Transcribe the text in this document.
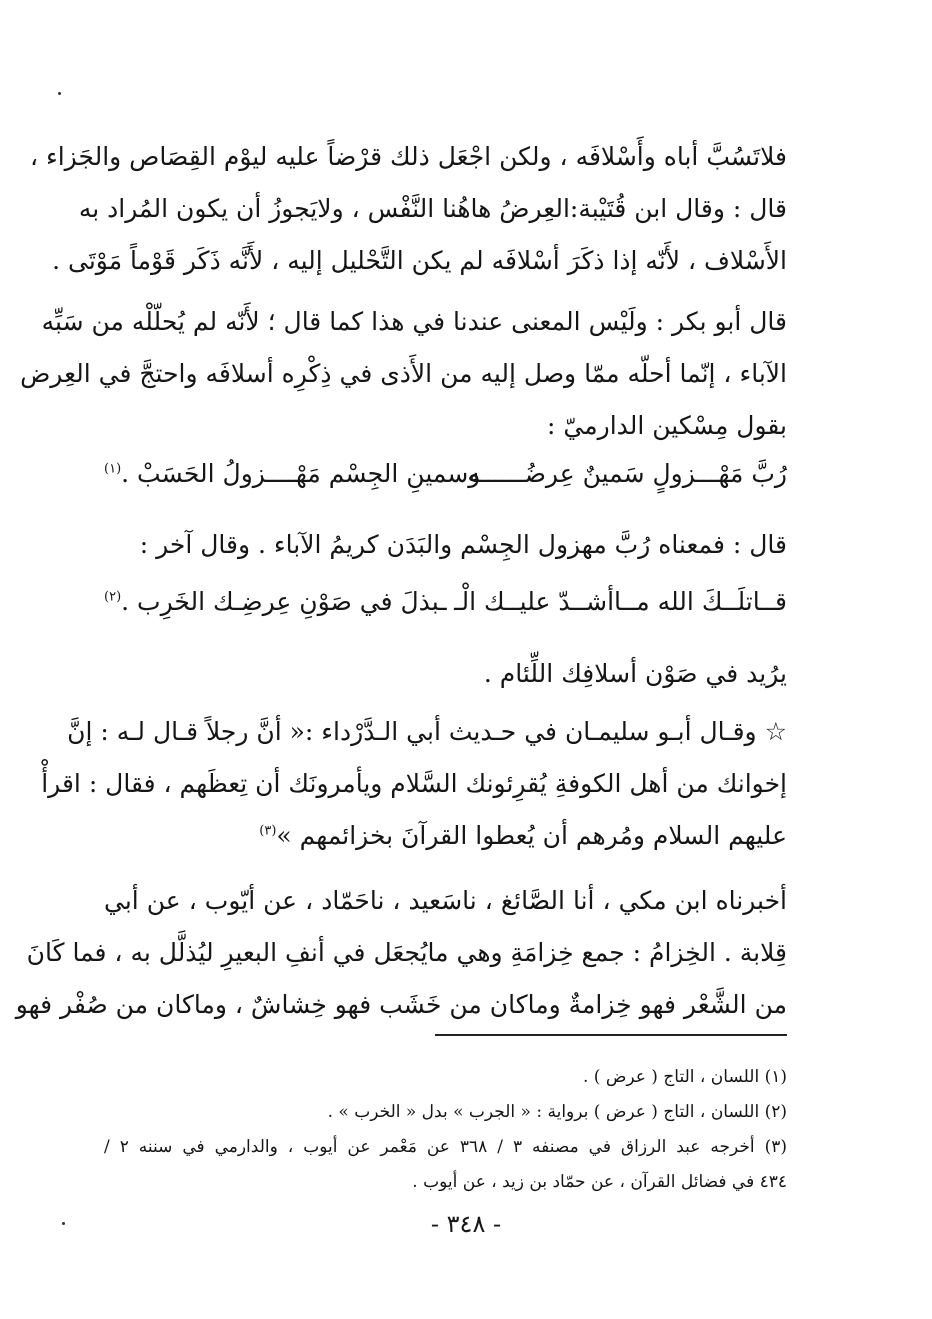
فلاتَسُبَّ أباه وأَسْلافَه ، ولكن اجْعَل ذلك قرْضاً عليه ليوْم القِصَاص والجَزاء ،
قال : وقال ابن قُتَيْبة:العِرضُ هاهُنا النَّفْس ، ولايَجوزُ أن يكون المُراد به
الأَسْلاف ، لأَنّه إذا ذكَرَ أسْلافَه لم يكن التَّحْليل إليه ، لأَنَّه ذَكَر قَوْماً مَوْتَى .
قال أبو بكر : ولَيْس المعنى عندنا في هذا كما قال ؛ لأَنّه لم يُحلّلْه من سَبِّه
الآباء ، إنّما أحلّه ممّا وصل إليه من الأَذى في ذِكْرِه أسلافَه واحتجَّ في العِرض
بقول مِسْكين الدارميّ :
رُبَّ مَهْـــزولٍ سَمينٌ عِرضُــــــه
وسمينِ الجِسْم مَهْــــزولُ الحَسَبْ .$^{(١)}$
قال : فمعناه رُبَّ مهزول الجِسْم والبَدَن كريمُ الآباء . وقال آخر :
قــاتلَــكَ الله مــاأشــدّ عليــك الْـ
ـبذلَ في صَوْنِ عِرضِـك الخَرِب .$^{(٢)}$
يرُيد في صَوْن أسلافِك اللِّئام .
☆ وقـال أبـو سليمـان في حـديث أبي الـدَّرْداء :« أنَّ رجلاً قـال لـه : إنَّ
إخوانك من أهل الكوفةِ يُقرِئونك السَّلام ويأمرونَك أن تِعظَهم ، فقال : اقرأْ
عليهم السلام ومُرهم أن يُعطوا القرآنَ بخزائمهم »$^{(٣)}$
أخبرناه ابن مكي ، أنا الصَّائغ ، ناسَعيد ، ناحَمّاد ، عن أيّوب ، عن أبي
قِلابة . الخِزامُ : جمع خِزامَةِ وهي مايُجعَل في أنفِ البعيرِ ليُذلَّل به ، فما كَانَ
من الشَّعْر فهو خِزامةٌ وماكان من خَشَب فهو خِشاشٌ ، وماكان من صُفْر فهو
(١) اللسان ، التاج ( عرض ) .
(٢) اللسان ، التاج ( عرض ) برواية : « الجرب » بدل « الخرب » .
(٣) أخرجه عبد الرزاق في مصنفه ٣ / ٣٦٨ عن مَعْمر عن أيوب ، والدارمي في سننه ٢ /
٤٣٤ في فضائل القرآن ، عن حمّاد بن زيد ، عن أيوب .
- ٣٤٨ -
